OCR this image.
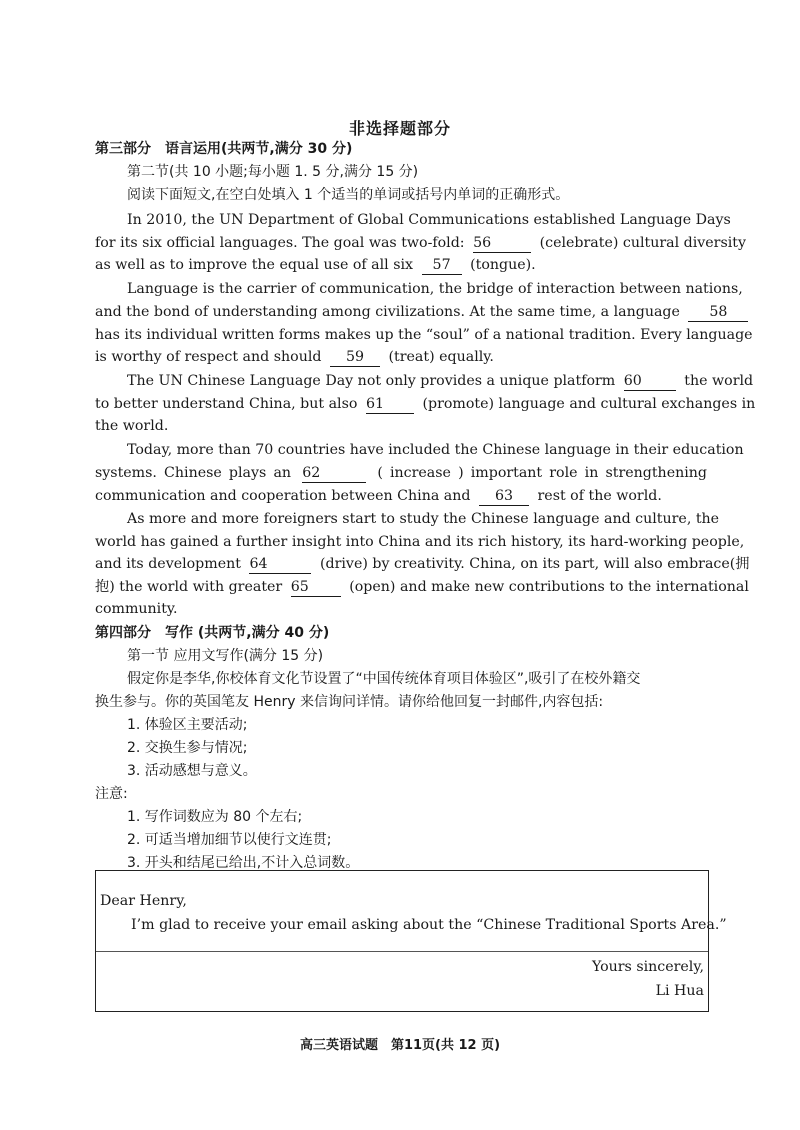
非选择题部分
第三部分　语言运用(共两节,满分 30 分)
第二节(共 10 小题;每小题 1. 5 分,满分 15 分)
阅读下面短文,在空白处填入 1 个适当的单词或括号内单词的正确形式。
In 2010, the UN Department of Global Communications established Language Days
for its six official languages. The goal was two-fold: 56	(celebrate) cultural diversity
as well as to improve the equal use of all six 57 (tongue).
Language is the carrier of communication, the bridge of interaction between nations,
and the bond of understanding among civilizations. At the same time, a language 58
has its individual written forms makes up the “soul” of a national tradition. Every language
is worthy of respect and should 59 (treat) equally.
The UN Chinese Language Day not only provides a unique platform 60	the world
to better understand China, but also 61	(promote) language and cultural exchanges in
the world.
Today, more than 70 countries have included the Chinese language in their education
systems. Chinese plays an 62	( increase ) important role in strengthening
communication and cooperation between China and 63 rest of the world.
As more and more foreigners start to study the Chinese language and culture, the
world has gained a further insight into China and its rich history, its hard-working people,
and its development 64	(drive) by creativity. China, on its part, will also embrace(拥
抱) the world with greater 65	(open) and make new contributions to the international
community.
第四部分　写作 (共两节,满分 40 分)
第一节 应用文写作(满分 15 分)
假定你是李华,你校体育文化节设置了“中国传统体育项目体验区”,吸引了在校外籍交
换生参与。你的英国笔友 Henry 来信询问详情。请你给他回复一封邮件,内容包括:
1. 体验区主要活动;
2. 交换生参与情况;
3. 活动感想与意义。
注意:
1. 写作词数应为 80 个左右;
2. 可适当增加细节以使行文连贯;
3. 开头和结尾已给出,不计入总词数。
Dear Henry,
I’m glad to receive your email asking about the “Chinese Traditional Sports Area.”
Yours sincerely,
Li Hua
高三英语试题　第11页(共 12 页)
